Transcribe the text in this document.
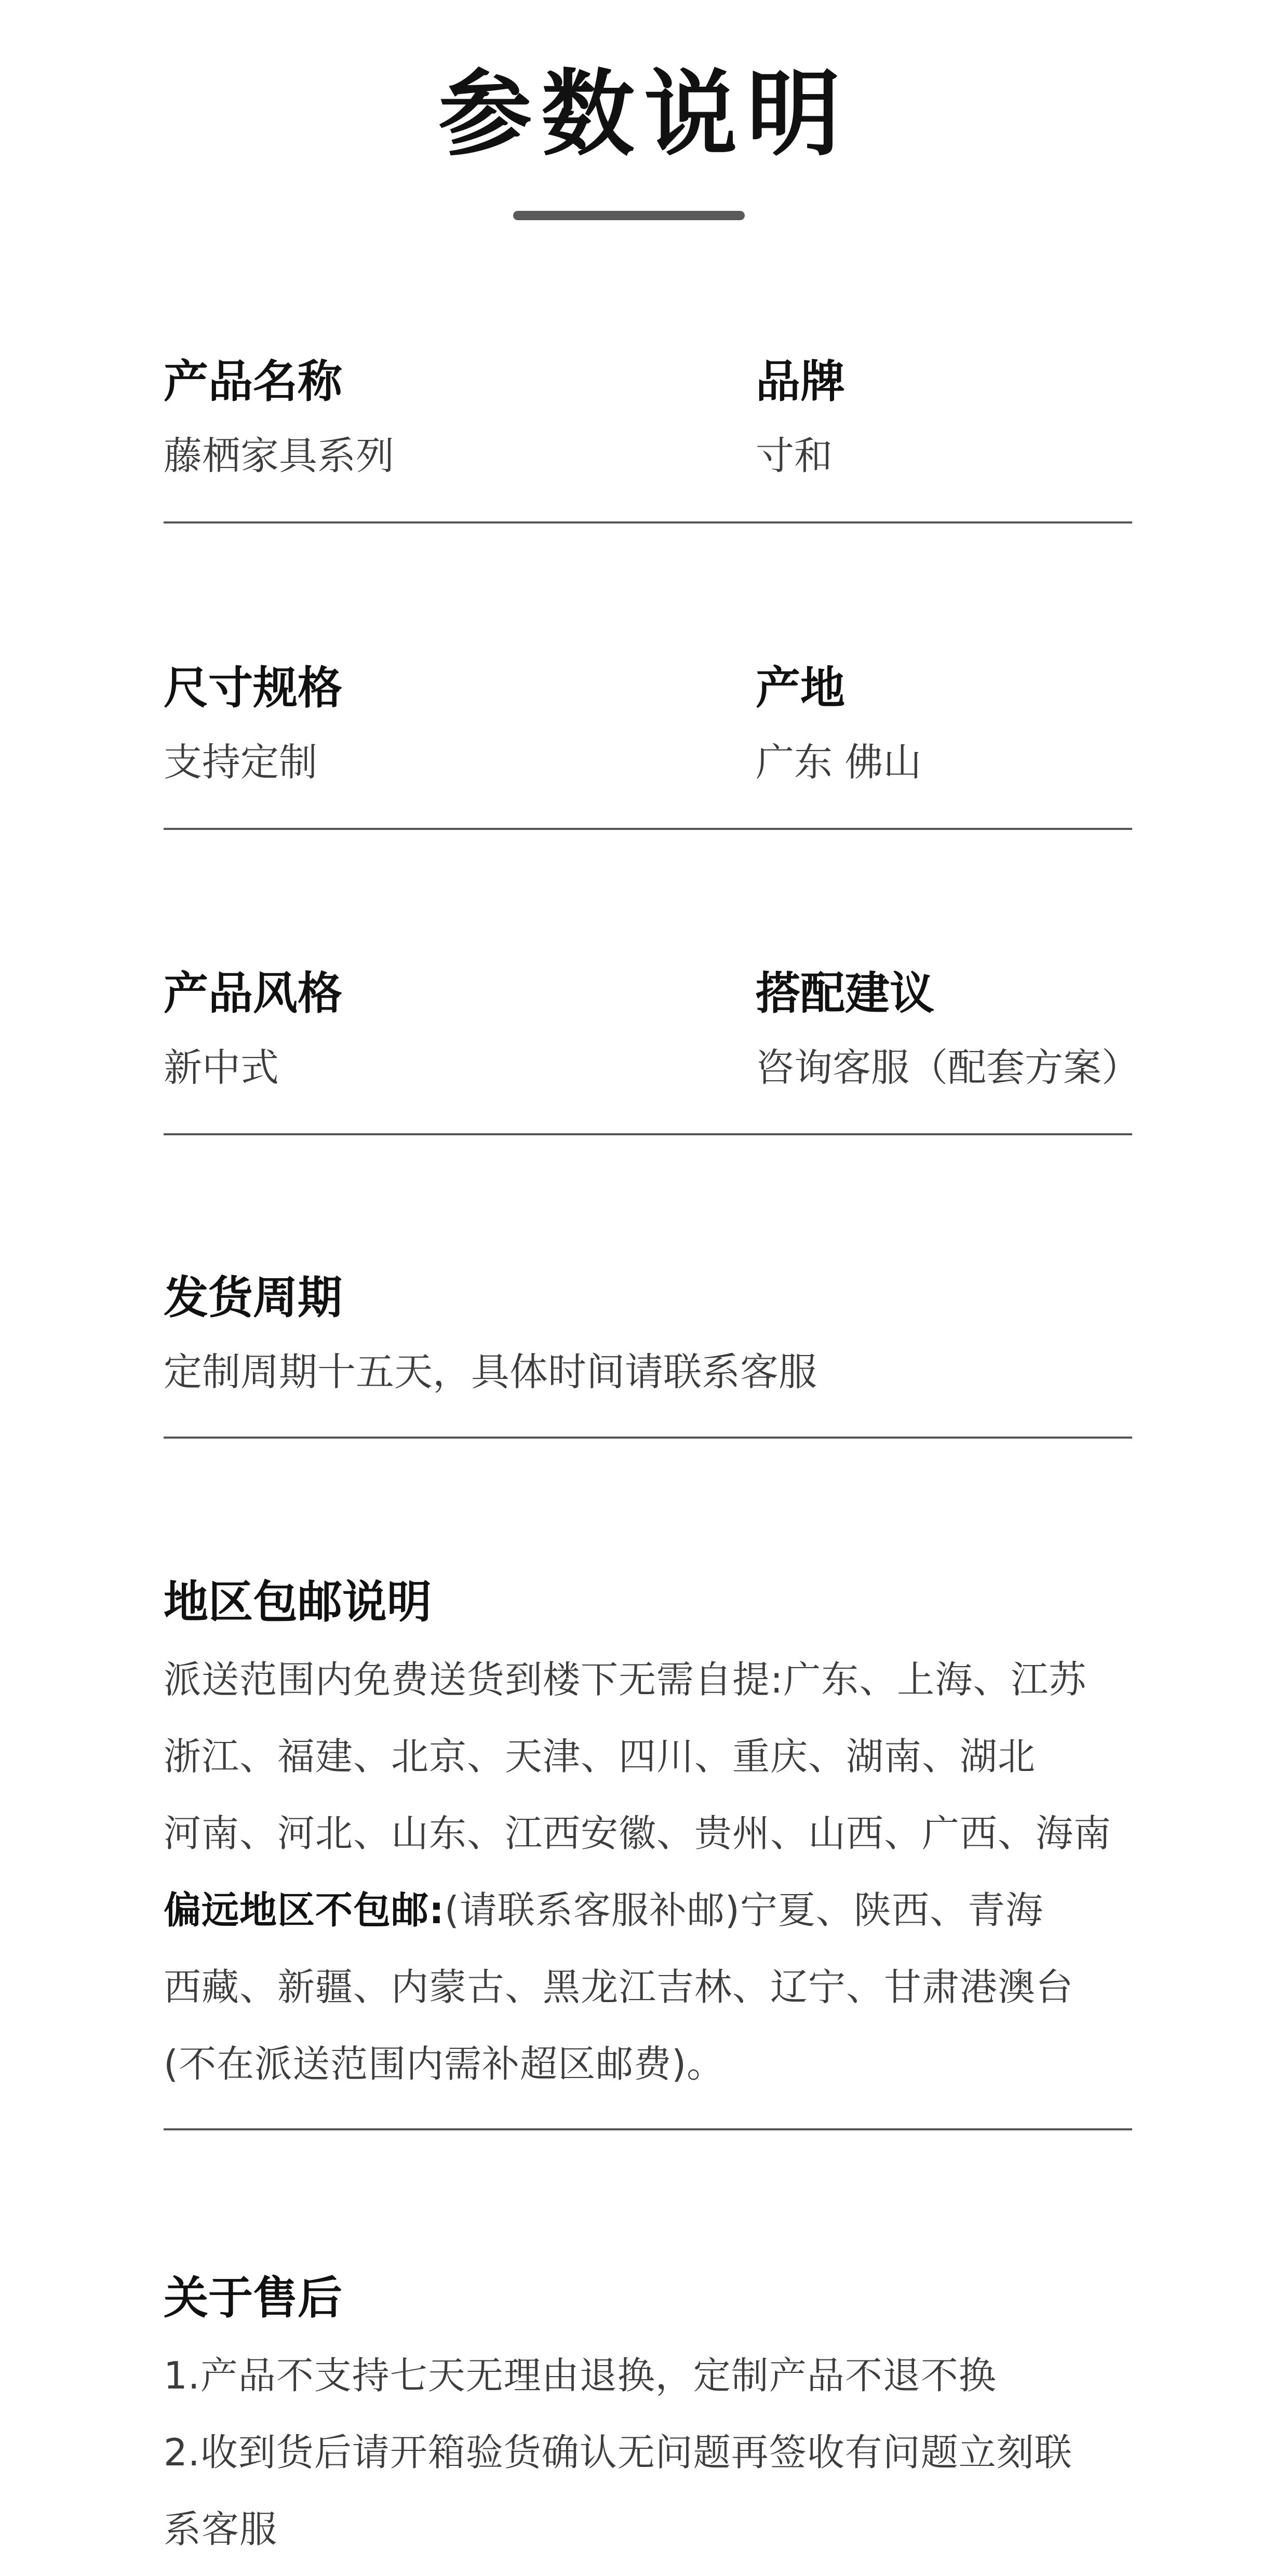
参数说明
产品名称
藤栖家具系列
品牌
寸和
尺寸规格
支持定制
产地
广东 佛山
产品风格
新中式
搭配建议
咨询客服（配套方案）
发货周期
定制周期十五天，具体时间请联系客服
地区包邮说明
派送范围内免费送货到楼下无需自提:广东、上海、江苏
浙江、福建、北京、天津、四川、重庆、湖南、湖北
河南、河北、山东、江西安徽、贵州、山西、广西、海南
偏远地区不包邮:(请联系客服补邮)宁夏、陕西、青海
西藏、新疆、内蒙古、黑龙江吉林、辽宁、甘肃港澳台
(不在派送范围内需补超区邮费)。
关于售后
1.产品不支持七天无理由退换，定制产品不退不换
2.收到货后请开箱验货确认无问题再签收有问题立刻联
系客服
